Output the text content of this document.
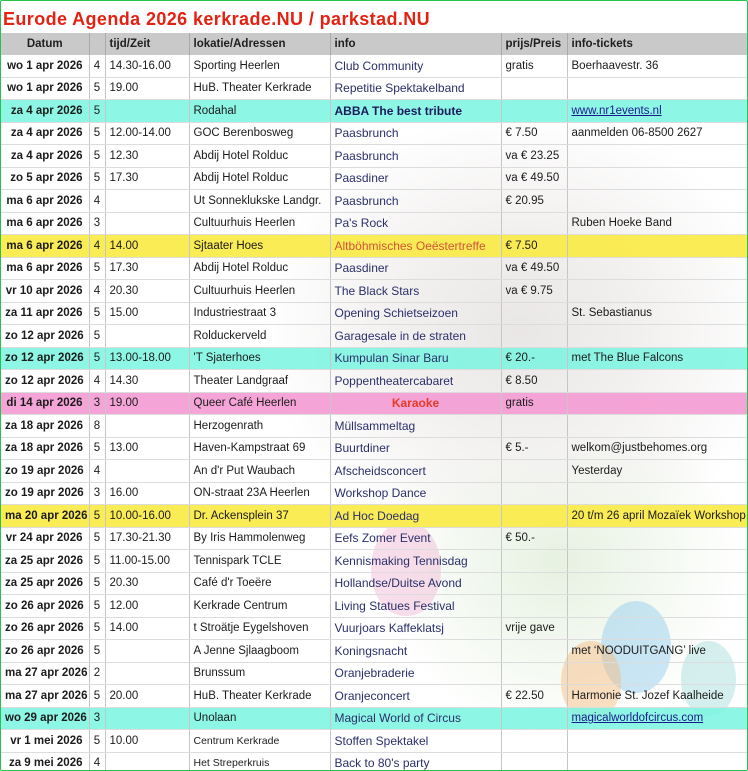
Eurode Agenda 2026 kerkrade.NU / parkstad.NU
Datum		tijd/Zeit	lokatie/Adressen	info	prijs/Preis	info-tickets
wo 1 apr 2026	4	14.30-16.00	Sporting Heerlen	Club Community	gratis	Boerhaavestr. 36
wo 1 apr 2026	5	19.00	HuB. Theater Kerkrade	Repetitie Spektakelband		
za 4 apr 2026	5		Rodahal	ABBA The best tribute		www.nr1events.nl
za 4 apr 2026	5	12.00-14.00	GOC Berenbosweg	Paasbrunch	€ 7.50	aanmelden 06-8500 2627
za 4 apr 2026	5	12.30	Abdij Hotel Rolduc	Paasbrunch	va € 23.25	
zo 5 apr 2026	5	17.30	Abdij Hotel Rolduc	Paasdiner	va € 49.50	
ma 6 apr 2026	4		Ut Sonneklukske Landgr.	Paasbrunch	€ 20.95	
ma 6 apr 2026	3		Cultuurhuis Heerlen	Pa's Rock		Ruben Hoeke Band
ma 6 apr 2026	4	14.00	Sjtaater Hoes	Altböhmisches Oeëstertreffe	€ 7.50	
ma 6 apr 2026	5	17.30	Abdij Hotel Rolduc	Paasdiner	va € 49.50	
vr 10 apr 2026	4	20.30	Cultuurhuis Heerlen	The Black Stars	va € 9.75	
za 11 apr 2026	5	15.00	Industriestraat 3	Opening Schietseizoen		St. Sebastianus
zo 12 apr 2026	5		Rolduckerveld	Garagesale in de straten		
zo 12 apr 2026	5	13.00-18.00	'T Sjaterhoes	Kumpulan Sinar Baru	€ 20.-	met The Blue Falcons
zo 12 apr 2026	4	14.30	Theater Landgraaf	Poppentheatercabaret	€ 8.50	
di 14 apr 2026	3	19.00	Queer Café Heerlen	Karaoke	gratis	
za 18 apr 2026	8		Herzogenrath	Müllsammeltag		
za 18 apr 2026	5	13.00	Haven-Kampstraat 69	Buurtdiner	€ 5.-	welkom@justbehomes.org
zo 19 apr 2026	4		An d'r Put Waubach	Afscheidsconcert		Yesterday
zo 19 apr 2026	3	16.00	ON-straat 23A Heerlen	Workshop Dance		
ma 20 apr 2026	5	10.00-16.00	Dr. Ackensplein 37	Ad Hoc Doedag		20 t/m 26 april Mozaïek Workshop
vr 24 apr 2026	5	17.30-21.30	By Iris Hammolenweg	Eefs Zomer Event	€ 50.-	
za 25 apr 2026	5	11.00-15.00	Tennispark TCLE	Kennismaking Tennisdag		
za 25 apr 2026	5	20.30	Café d'r Toeëre	Hollandse/Duitse Avond		
zo 26 apr 2026	5	12.00	Kerkrade Centrum	Living Statues Festival		
zo 26 apr 2026	5	14.00	t Stroätje Eygelshoven	Vuurjoars Kaffeklatsj	vrije gave	
zo 26 apr 2026	5		A Jenne Sjlaagboom	Koningsnacht		met ‘NOODUITGANG’ live
ma 27 apr 2026	2		Brunssum	Oranjebraderie		
ma 27 apr 2026	5	20.00	HuB. Theater Kerkrade	Oranjeconcert	€ 22.50	Harmonie St. Jozef Kaalheide
wo 29 apr 2026	3		Unolaan	Magical World of Circus		magicalworldofcircus.com
vr 1 mei 2026	5	10.00	Centrum Kerkrade	Stoffen Spektakel		
za 9 mei 2026	4		Het Streperkruis	Back to 80's party		
